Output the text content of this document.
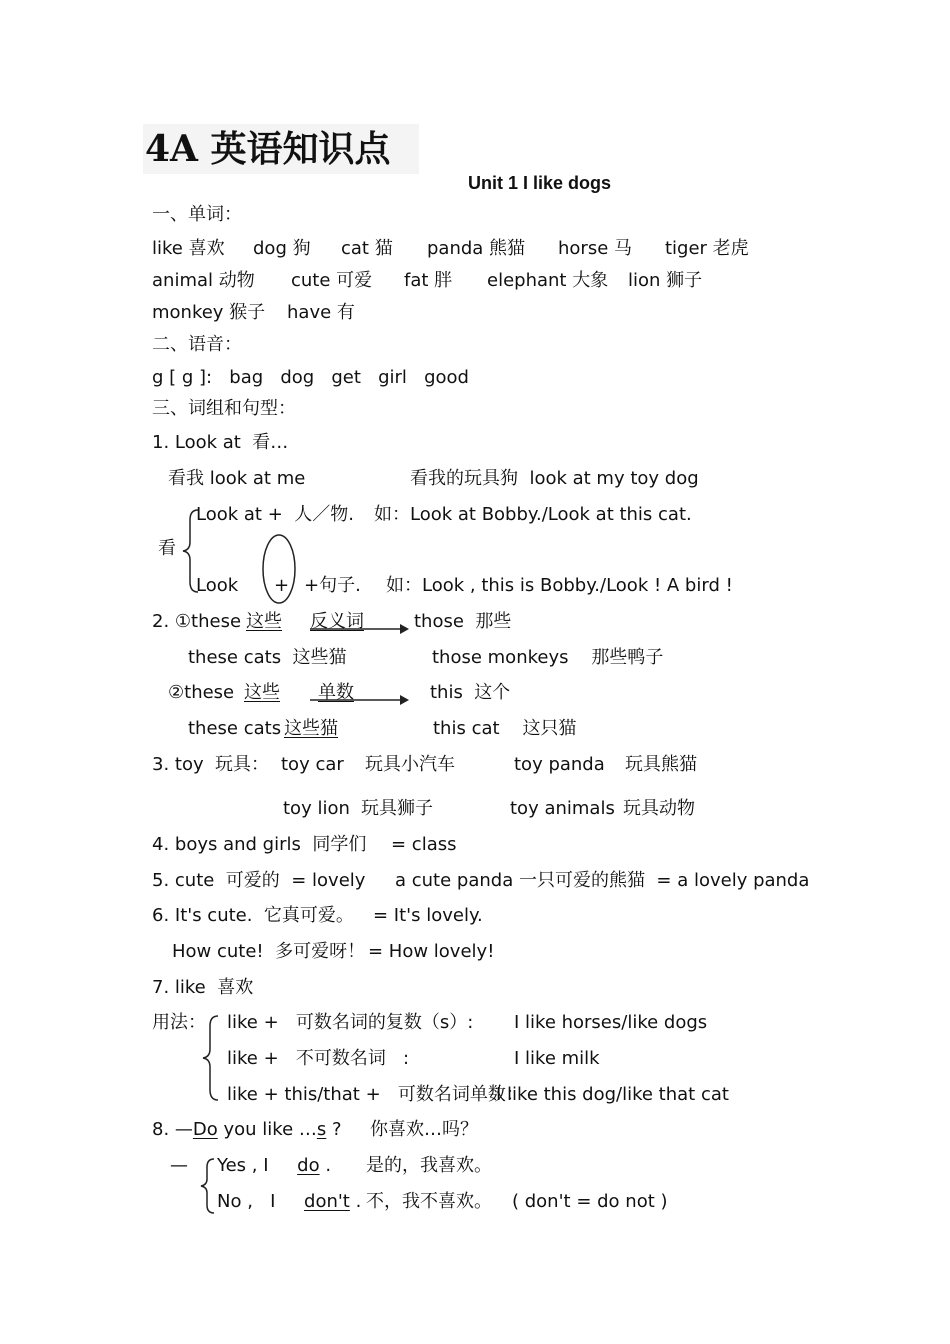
4A 英语知识点
Unit 1 I like dogs
一、单词：
like 喜欢 dog 狗 cat 猫 panda 熊猫 horse 马 tiger 老虎
animal 动物 cute 可爱 fat 胖 elephant 大象 lion 狮子
monkey 猴子 have 有
二、语音：
g [ g ]:   bag   dog   get   girl   good
三、词组和句型：
1. Look at  看…
看我 look at me	看我的玩具狗  look at my toy dog
看
Look at +  人／物. 如：Look at Bobby./Look at this cat.
Look + +句子. 如：Look , this is Bobby./Look ! A bird !
2. ①these 这些 反义词	those  那些
these cats  这些猫	those monkeys    那些鸭子
②these 这些 单数	this  这个
these cats 这些猫	this cat    这只猫
3. toy  玩具： toy car 玩具小汽车	toy panda 玩具熊猫
toy lion 玩具狮子	toy animals 玩具动物
4. boys and girls  同学们 = class
5. cute  可爱的  = lovely a cute panda 一只可爱的熊猫  = a lovely panda
6. It's cute.  它真可爱。 = It's lovely.
How cute!  多可爱呀！ = How lovely!
7. like  喜欢
用法： like +   可数名词的复数（s）: I like horses/like dogs
like +   不可数名词   :	I like milk
like + this/that +   可数名词单数：
I like this dog/like that cat
8. —Do you like …s ? 你喜欢…吗？
— Yes , I do . 是的，我喜欢。
No ,   I don't . 不，我不喜欢。 ( don't = do not )
